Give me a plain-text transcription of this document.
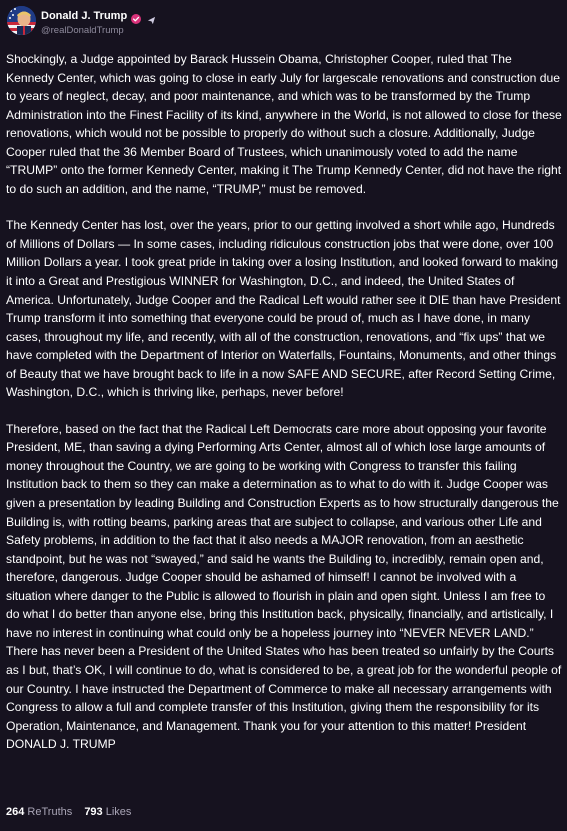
Donald J. Trump
@realDonaldTrump

Shockingly, a Judge appointed by Barack Hussein Obama, Christopher Cooper, ruled that The Kennedy Center, which was going to close in early July for largescale renovations and construction due to years of neglect, decay, and poor maintenance, and which was to be transformed by the Trump Administration into the Finest Facility of its kind, anywhere in the World, is not allowed to close for these renovations, which would not be possible to properly do without such a closure. Additionally, Judge Cooper ruled that the 36 Member Board of Trustees, which unanimously voted to add the name “TRUMP” onto the former Kennedy Center, making it The Trump Kennedy Center, did not have the right to do such an addition, and the name, “TRUMP,” must be removed.

The Kennedy Center has lost, over the years, prior to our getting involved a short while ago, Hundreds of Millions of Dollars — In some cases, including ridiculous construction jobs that were done, over 100 Million Dollars a year. I took great pride in taking over a losing Institution, and looked forward to making it into a Great and Prestigious WINNER for Washington, D.C., and indeed, the United States of America. Unfortunately, Judge Cooper and the Radical Left would rather see it DIE than have President Trump transform it into something that everyone could be proud of, much as I have done, in many cases, throughout my life, and recently, with all of the construction, renovations, and “fix ups” that we have completed with the Department of Interior on Waterfalls, Fountains, Monuments, and other things of Beauty that we have brought back to life in a now SAFE AND SECURE, after Record Setting Crime, Washington, D.C., which is thriving like, perhaps, never before!

Therefore, based on the fact that the Radical Left Democrats care more about opposing your favorite President, ME, than saving a dying Performing Arts Center, almost all of which lose large amounts of money throughout the Country, we are going to be working with Congress to transfer this failing Institution back to them so they can make a determination as to what to do with it. Judge Cooper was given a presentation by leading Building and Construction Experts as to how structurally dangerous the Building is, with rotting beams, parking areas that are subject to collapse, and various other Life and Safety problems, in addition to the fact that it also needs a MAJOR renovation, from an aesthetic standpoint, but he was not “swayed,” and said he wants the Building to, incredibly, remain open and, therefore, dangerous. Judge Cooper should be ashamed of himself! I cannot be involved with a situation where danger to the Public is allowed to flourish in plain and open sight. Unless I am free to do what I do better than anyone else, bring this Institution back, physically, financially, and artistically, I have no interest in continuing what could only be a hopeless journey into “NEVER NEVER LAND.” There has never been a President of the United States who has been treated so unfairly by the Courts as I but, that’s OK, I will continue to do, what is considered to be, a great job for the wonderful people of our Country. I have instructed the Department of Commerce to make all necessary arrangements with Congress to allow a full and complete transfer of this Institution, giving them the responsibility for its Operation, Maintenance, and Management. Thank you for your attention to this matter! President DONALD J. TRUMP

264 ReTruths 793 Likes
